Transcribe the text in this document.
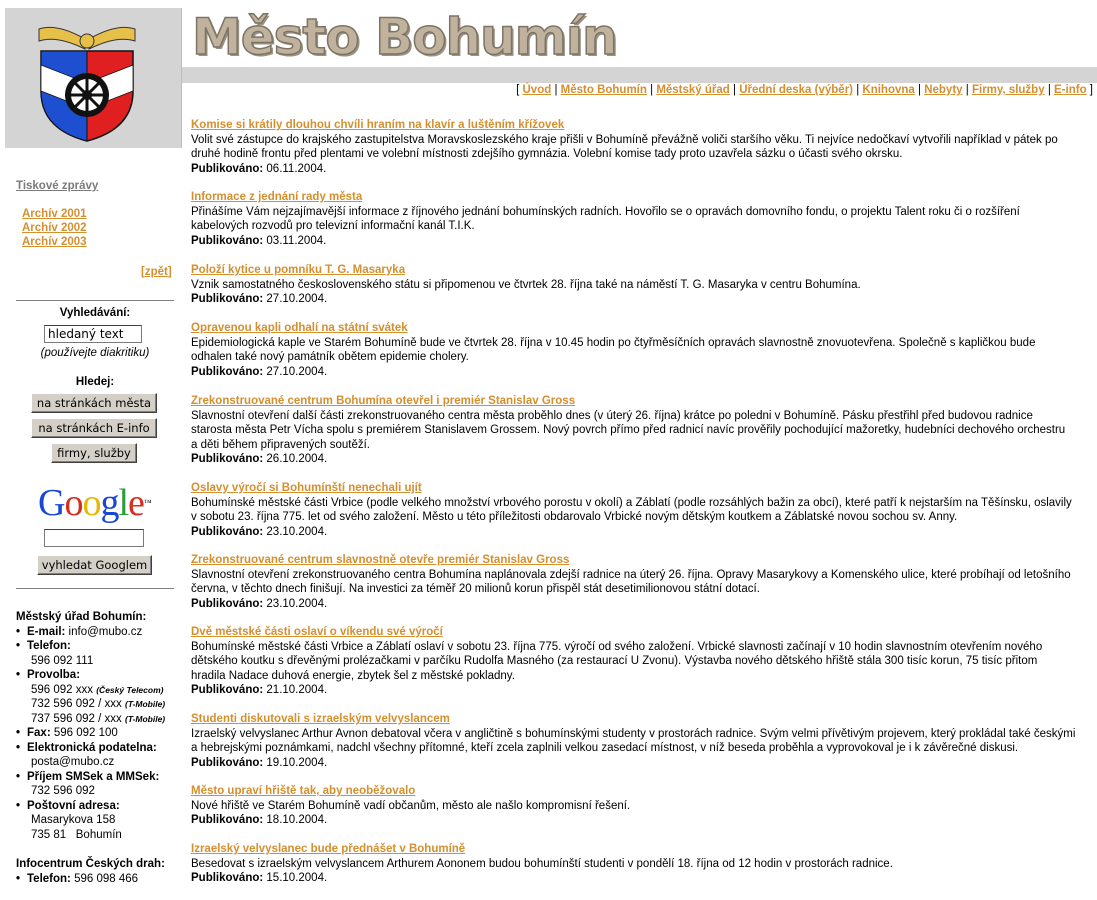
Město Bohumín
[ Úvod | Město Bohumín | Městský úřad | Úřední deska (výběr) | Knihovna | Nebyty | Firmy, služby | E-info ]
Tiskové zprávy
Archív 2001
Archív 2002
Archív 2003
[zpět]
Vyhledávání:
hledaný text
(používejte diakritiku)
Hledej:
na stránkách města
na stránkách E-info
firmy, služby
Google™
vyhledat Googlem
Městský úřad Bohumín:
• E-mail: info@mubo.cz
• Telefon:
596 092 111
• Provolba:
596 092 xxx (Český Telecom)
732 596 092 / xxx (T-Mobile)
737 596 092 / xxx (T-Mobile)
• Fax: 596 092 100
• Elektronická podatelna:
posta@mubo.cz
• Příjem SMSek a MMSek:
732 596 092
• Poštovní adresa:
Masarykova 158
735 81   Bohumín
Infocentrum Českých drah:
• Telefon: 596 098 466
Komise si krátily dlouhou chvíli hraním na klavír a luštěním křížovek
Volit své zástupce do krajského zastupitelstva Moravskoslezského kraje přišli v Bohumíně převážně voliči staršího věku. Ti nejvíce nedočkaví vytvořili například v pátek po
druhé hodině frontu před plentami ve volební místnosti zdejšího gymnázia. Volební komise tady proto uzavřela sázku o účasti svého okrsku.
Publikováno: 06.11.2004.
Informace z jednání rady města
Přinášíme Vám nejzajímavější informace z říjnového jednání bohumínských radních. Hovořilo se o opravách domovního fondu, o projektu Talent roku či o rozšíření
kabelových rozvodů pro televizní informační kanál T.I.K.
Publikováno: 03.11.2004.
Položí kytice u pomníku T. G. Masaryka
Vznik samostatného československého státu si připomenou ve čtvrtek 28. října také na náměstí T. G. Masaryka v centru Bohumína.
Publikováno: 27.10.2004.
Opravenou kapli odhalí na státní svátek
Epidemiologická kaple ve Starém Bohumíně bude ve čtvrtek 28. října v 10.45 hodin po čtyřměsíčních opravách slavnostně znovuotevřena. Společně s kapličkou bude
odhalen také nový památník obětem epidemie cholery.
Publikováno: 27.10.2004.
Zrekonstruované centrum Bohumína otevřel i premiér Stanislav Gross
Slavnostní otevření další části zrekonstruovaného centra města proběhlo dnes (v úterý 26. října) krátce po poledni v Bohumíně. Pásku přestřihl před budovou radnice
starosta města Petr Vícha spolu s premiérem Stanislavem Grossem. Nový povrch přímo před radnicí navíc prověřily pochodující mažoretky, hudebníci dechového orchestru
a děti během připravených soutěží.
Publikováno: 26.10.2004.
Oslavy výročí si Bohumínští nenechali ujít
Bohumínské městské části Vrbice (podle velkého množství vrbového porostu v okolí) a Záblatí (podle rozsáhlých bažin za obcí), které patří k nejstarším na Těšínsku, oslavily
v sobotu 23. října 775. let od svého založení. Město u této příležitosti obdarovalo Vrbické novým dětským koutkem a Záblatské novou sochou sv. Anny.
Publikováno: 23.10.2004.
Zrekonstruované centrum slavnostně otevře premiér Stanislav Gross
Slavnostní otevření zrekonstruovaného centra Bohumína naplánovala zdejší radnice na úterý 26. října. Opravy Masarykovy a Komenského ulice, které probíhají od letošního
června, v těchto dnech finišují. Na investici za téměř 20 milionů korun přispěl stát desetimilionovou státní dotací.
Publikováno: 23.10.2004.
Dvě městské části oslaví o víkendu své výročí
Bohumínské městské části Vrbice a Záblatí oslaví v sobotu 23. října 775. výročí od svého založení. Vrbické slavnosti začínají v 10 hodin slavnostním otevřením nového
dětského koutku s dřevěnými prolézačkami v parčíku Rudolfa Masného (za restaurací U Zvonu). Výstavba nového dětského hřiště stála 300 tisíc korun, 75 tisíc přitom
hradila Nadace duhová energie, zbytek šel z městské pokladny.
Publikováno: 21.10.2004.
Studenti diskutovali s izraelským velvyslancem
Izraelský velvyslanec Arthur Avnon debatoval včera v angličtině s bohumínskými studenty v prostorách radnice. Svým velmi přívětivým projevem, který prokládal také českými
a hebrejskými poznámkami, nadchl všechny přítomné, kteří zcela zaplnili velkou zasedací místnost, v níž beseda proběhla a vyprovokoval je i k závěrečné diskusi.
Publikováno: 19.10.2004.
Město upraví hřiště tak, aby neoběžovalo
Nové hřiště ve Starém Bohumíně vadí občanům, město ale našlo kompromisní řešení.
Publikováno: 18.10.2004.
Izraelský velvyslanec bude přednášet v Bohumíně
Besedovat s izraelským velvyslancem Arthurem Aononem budou bohumínští studenti v pondělí 18. října od 12 hodin v prostorách radnice.
Publikováno: 15.10.2004.
